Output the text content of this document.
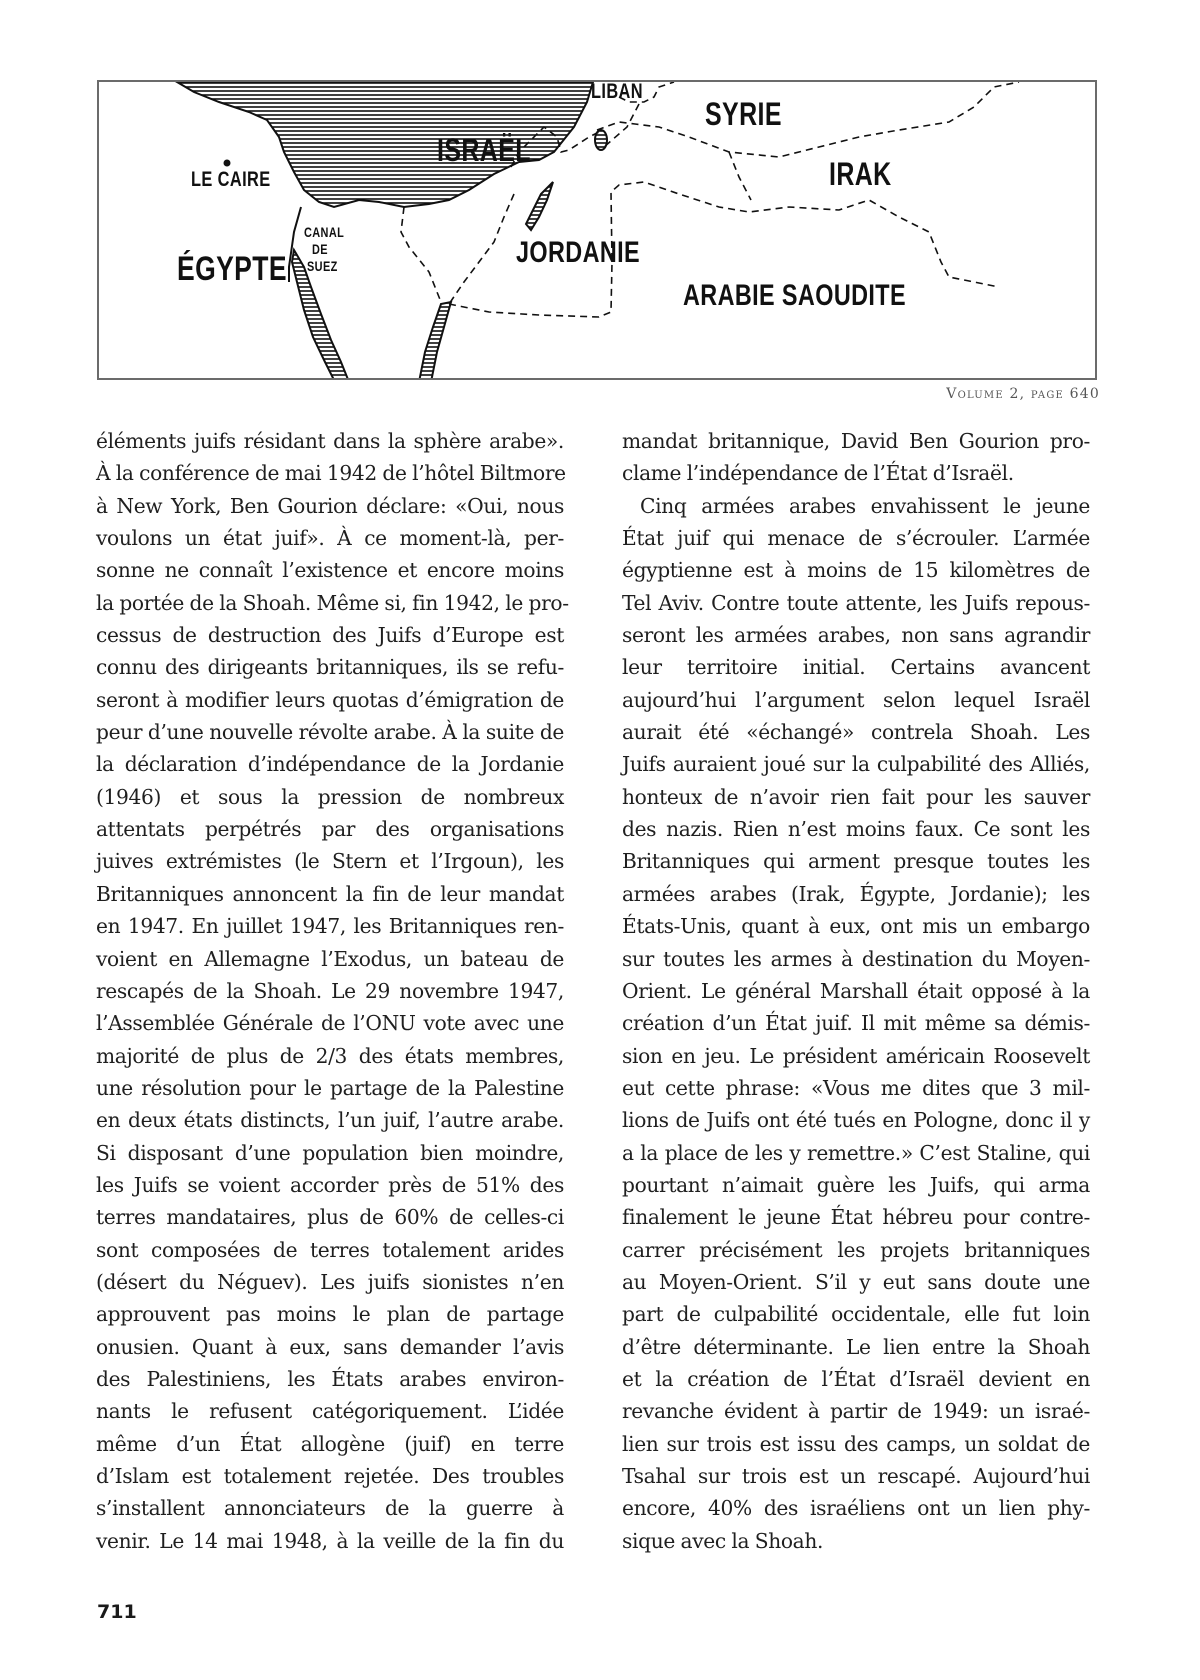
LIBAN
SYRIE
ISRAËL
IRAK
LE CAIRE
CANAL
DE
SUEZ
ÉGYPTE	JORDANIE
ARABIE SAOUDITE
Volume 2, page 640
éléments juifs résidant dans la sphère arabe».
À la conférence de mai 1942 de l’hôtel Biltmore
à New York, Ben Gourion déclare: «Oui, nous
voulons un état juif». À ce moment-là, per-
sonne ne connaît l’existence et encore moins
la portée de la Shoah. Même si, fin 1942, le pro-
cessus de destruction des Juifs d’Europe est
connu des dirigeants britanniques, ils se refu-
seront à modifier leurs quotas d’émigration de
peur d’une nouvelle révolte arabe. À la suite de
la déclaration d’indépendance de la Jordanie
(1946) et sous la pression de nombreux
attentats perpétrés par des organisations
juives extrémistes (le Stern et l’Irgoun), les
Britanniques annoncent la fin de leur mandat
en 1947. En juillet 1947, les Britanniques ren-
voient en Allemagne l’Exodus, un bateau de
rescapés de la Shoah. Le 29 novembre 1947,
l’Assemblée Générale de l’ONU vote avec une
majorité de plus de 2/3 des états membres,
une résolution pour le partage de la Palestine
en deux états distincts, l’un juif, l’autre arabe.
Si disposant d’une population bien moindre,
les Juifs se voient accorder près de 51% des
terres mandataires, plus de 60% de celles-ci
sont composées de terres totalement arides
(désert du Néguev). Les juifs sionistes n’en
approuvent pas moins le plan de partage
onusien. Quant à eux, sans demander l’avis
des Palestiniens, les États arabes environ-
nants le refusent catégoriquement. L’idée
même d’un État allogène (juif) en terre
d’Islam est totalement rejetée. Des troubles
s’installent annonciateurs de la guerre à
venir. Le 14 mai 1948, à la veille de la fin du
mandat britannique, David Ben Gourion pro-
clame l’indépendance de l’État d’Israël.
Cinq armées arabes envahissent le jeune
État juif qui menace de s’écrouler. L’armée
égyptienne est à moins de 15 kilomètres de
Tel Aviv. Contre toute attente, les Juifs repous-
seront les armées arabes, non sans agrandir
leur territoire initial. Certains avancent
aujourd’hui l’argument selon lequel Israël
aurait été «échangé» contrela Shoah. Les
Juifs auraient joué sur la culpabilité des Alliés,
honteux de n’avoir rien fait pour les sauver
des nazis. Rien n’est moins faux. Ce sont les
Britanniques qui arment presque toutes les
armées arabes (Irak, Égypte, Jordanie); les
États-Unis, quant à eux, ont mis un embargo
sur toutes les armes à destination du Moyen-
Orient. Le général Marshall était opposé à la
création d’un État juif. Il mit même sa démis-
sion en jeu. Le président américain Roosevelt
eut cette phrase: «Vous me dites que 3 mil-
lions de Juifs ont été tués en Pologne, donc il y
a la place de les y remettre.» C’est Staline, qui
pourtant n’aimait guère les Juifs, qui arma
finalement le jeune État hébreu pour contre-
carrer précisément les projets britanniques
au Moyen-Orient. S’il y eut sans doute une
part de culpabilité occidentale, elle fut loin
d’être déterminante. Le lien entre la Shoah
et la création de l’État d’Israël devient en
revanche évident à partir de 1949: un israé-
lien sur trois est issu des camps, un soldat de
Tsahal sur trois est un rescapé. Aujourd’hui
encore, 40% des israéliens ont un lien phy-
sique avec la Shoah.
711
